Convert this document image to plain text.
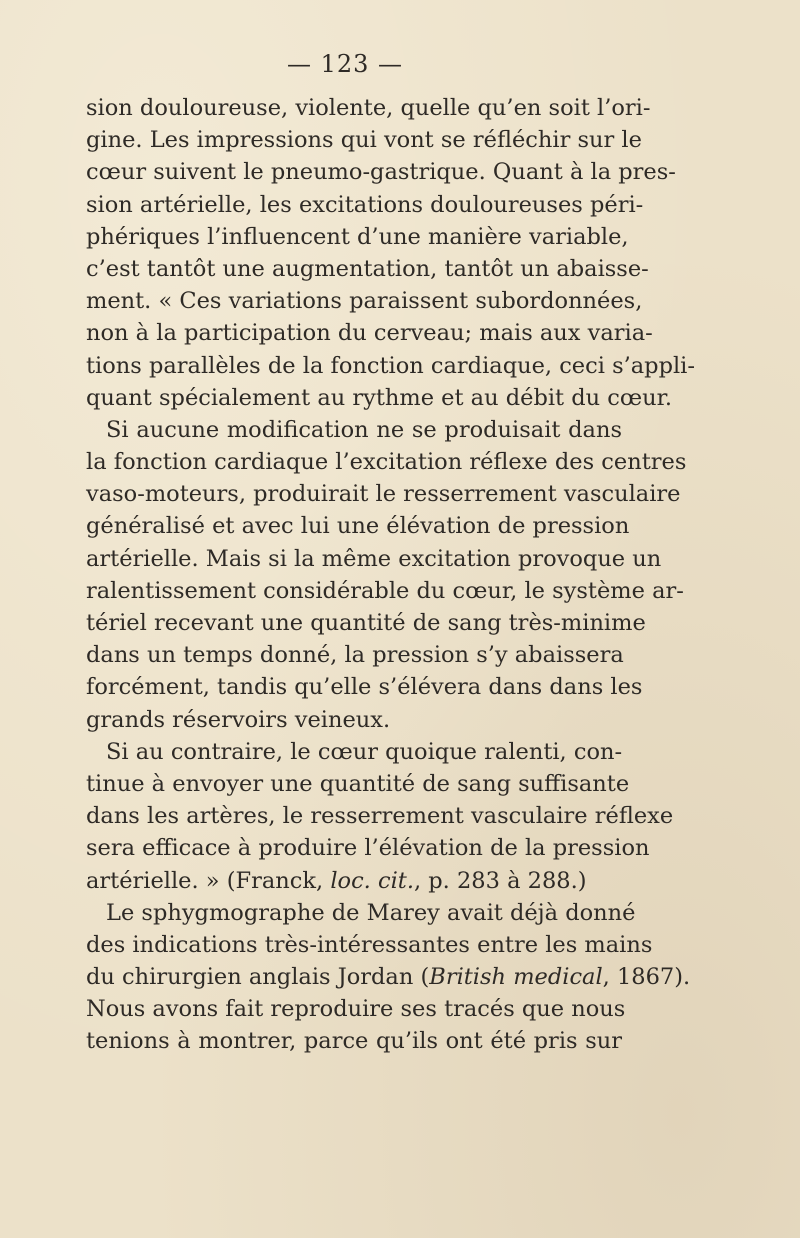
— 123 —
sion douloureuse, violente, quelle qu’en soit l’ori-
gine. Les impressions qui vont se réfléchir sur le
cœur suivent le pneumo-gastrique. Quant à la pres-
sion artérielle, les excitations douloureuses péri-
phériques l’influencent d’une manière variable,
c’est tantôt une augmentation, tantôt un abaisse-
ment. « Ces variations paraissent subordonnées,
non à la participation du cerveau; mais aux varia-
tions parallèles de la fonction cardiaque, ceci s’appli-
quant spécialement au rythme et au débit du cœur.
Si aucune modification ne se produisait dans
la fonction cardiaque l’excitation réflexe des centres
vaso-moteurs, produirait le resserrement vasculaire
généralisé et avec lui une élévation de pression
artérielle. Mais si la même excitation provoque un
ralentissement considérable du cœur, le système ar-
tériel recevant une quantité de sang très-minime
dans un temps donné, la pression s’y abaissera
forcément, tandis qu’elle s’élévera dans dans les
grands réservoirs veineux.
Si au contraire, le cœur quoique ralenti, con-
tinue à envoyer une quantité de sang suffisante
dans les artères, le resserrement vasculaire réflexe
sera efficace à produire l’élévation de la pression
artérielle. » (Franck, loc. cit., p. 283 à 288.)
Le sphygmographe de Marey avait déjà donné
des indications très-intéressantes entre les mains
du chirurgien anglais Jordan (British medical, 1867).
Nous avons fait reproduire ses tracés que nous
tenions à montrer, parce qu’ils ont été pris sur
